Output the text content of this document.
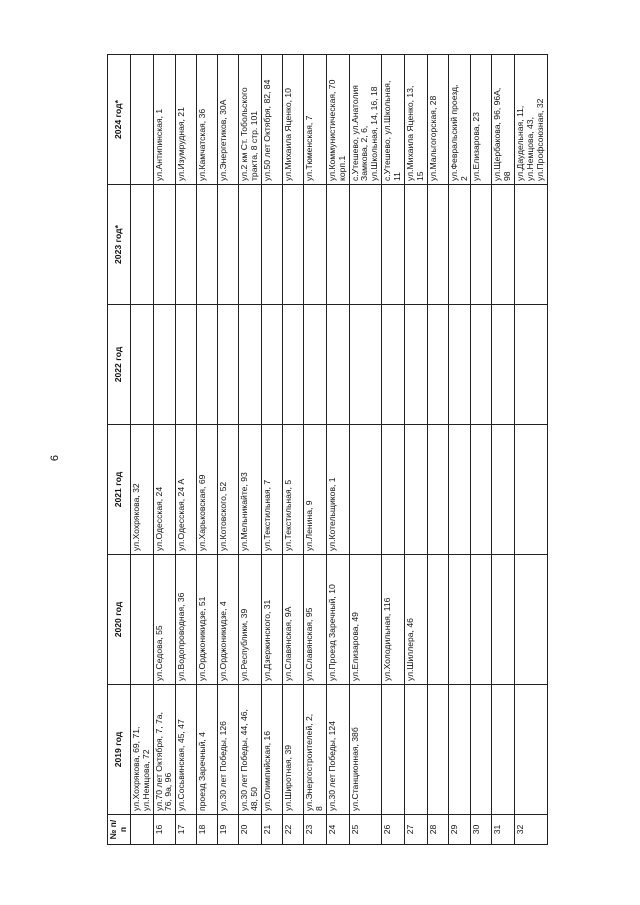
6
№ п/п	2019 год	2020 год	2021 год	2022 год	2023 год*	2024 год*

	ул.Хохрякова, 69, 71, ул.Немцова, 72		ул.Хохрякова, 32			

16	ул.70 лет Октября, 7, 7а, 76, 9а, 96	ул.Седова, 55	ул.Одесская, 24			ул.Антипинская, 1

17	ул.Сосьвинская, 45, 47	ул.Водопроводная, 36	ул.Одесская, 24 А			ул.Изумрудная, 21

18	проезд Заречный, 4	ул.Орджоникидзе, 51	ул.Харьковская, 69			ул.Камчатская, 36

19	ул.30 лет Победы, 126	ул.Орджоникидзе, 4	ул.Котовского, 52			ул.Энергетиков, 30А

20	ул.30 лет Победы, 44, 46, 48, 50	ул.Республики, 39	ул.Мельникайте, 93			ул.2 км Ст. Тобольского тракта, 8 стр. 101

21	ул.Олимпийская, 16	ул.Дзержинского, 31	ул.Текстильная, 7			ул.50 лет Октября, 82, 84

22	ул.Широтная, 39	ул.Славянская, 9А	ул.Текстильная, 5			ул.Михаила Яценко, 10

23	ул.Энергостроителей, 2, 8	ул.Славянская, 95	ул.Ленина, 9			ул.Тюменская, 7

24	ул.30 лет Победы, 124	ул.Проезд Заречный, 10	ул.Котельщиков, 1			ул.Коммунистическая, 70 корп.1

25	ул.Станционная, 38б	ул.Елизарова, 49				с.Утешево, ул.Анатолия Замкова, 2, 6, ул.Школьная, 14, 16, 18

26		ул.Холодильная, 116				с.Утешево, ул.Школьная, 11

27		ул.Шиллера, 46				ул.Михаила Яценко, 13, 15

28						ул.Мальгогорская, 28

29						ул.Февральский проезд, 2

30						ул.Елизарова, 23

31						ул.Щербакова, 96, 96А, 98

32						ул.Даудельная, 11, ул.Немцова, 43, ул.Профсоюзная, 32
